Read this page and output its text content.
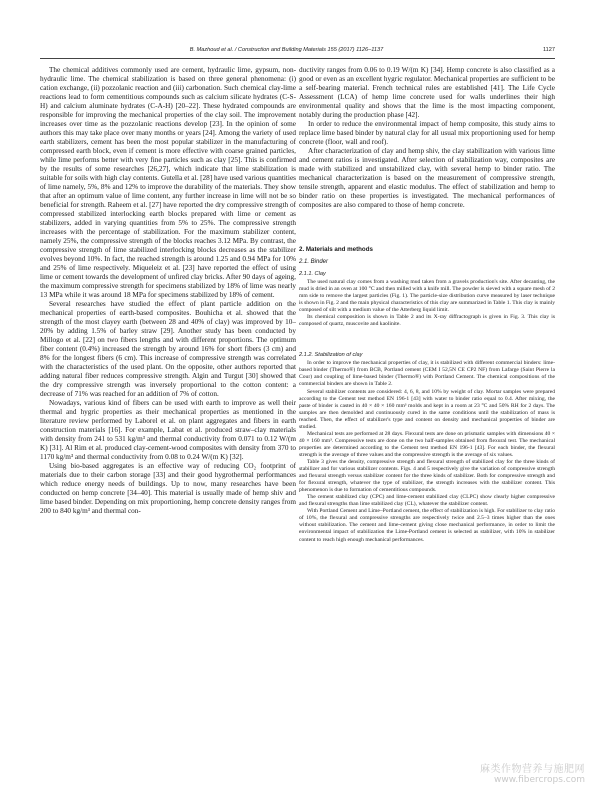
B. Mazhoud et al. / Construction and Building Materials 155 (2017) 1126–1137	1127

The chemical additives commonly used are cement, hydraulic lime, gypsum, non-hydraulic lime. The chemical stabilization is based on three general phenomena: (i) cation exchange, (ii) pozzolanic reaction and (iii) carbonation. Such chemical clay-lime reactions lead to form cementitious compounds such as calcium silicate hydrates (C-S-H) and calcium aluminate hydrates (C-A-H) [20–22]. These hydrated compounds are responsible for improving the mechanical properties of the clay soil. The improvement increases over time as the pozzolanic reactions develop [23]. In the opinion of some authors this may take place over many months or years [24]. Among the variety of used earth stabilizers, cement has been the most popular stabilizer in the manufacturing of compressed earth block, even if cement is more effective with coarse grained particles, while lime performs better with very fine particles such as clay [25]. This is confirmed by the results of some researches [26,27], which indicate that lime stabilization is suitable for soils with high clay contents. Gutella et al. [28] have used various quantities of lime namely, 5%, 8% and 12% to improve the durability of the materials. They show that after an optimum value of lime content, any further increase in lime will not be so beneficial for strength. Raheem et al. [27] have reported the dry compressive strength of compressed stabilized interlocking earth blocks prepared with lime or cement as stabilizers, added in varying quantities from 5% to 25%. The compressive strength increases with the percentage of stabilization. For the maximum stabilizer content, namely 25%, the compressive strength of the blocks reaches 3.12 MPa. By contrast, the compressive strength of lime stabilized interlocking blocks decreases as the stabilizer evolves beyond 10%. In fact, the reached strength is around 1.25 and 0.94 MPa for 10% and 25% of lime respectively. Miqueleiz et al. [23] have reported the effect of using lime or cement towards the development of unfired clay bricks. After 90 days of ageing, the maximum compressive strength for specimens stabilized by 18% of lime was nearly 13 MPa while it was around 18 MPa for specimens stabilized by 18% of cement.

Several researches have studied the effect of plant particle addition on the mechanical properties of earth-based composites. Bouhicha et al. showed that the strength of the most clayey earth (between 28 and 40% of clay) was improved by 10–20% by adding 1.5% of barley straw [29]. Another study has been conducted by Millogo et al. [22] on two fibers lengths and with different proportions. The optimum fiber content (0.4%) increased the strength by around 16% for short fibers (3 cm) and 8% for the longest fibers (6 cm). This increase of compressive strength was correlated with the characteristics of the used plant. On the opposite, other authors reported that adding natural fiber reduces compressive strength. Algin and Turgut [30] showed that the dry compressive strength was inversely proportional to the cotton content: a decrease of 71% was reached for an addition of 7% of cotton.

Nowadays, various kind of fibers can be used with earth to improve as well their thermal and hygric properties as their mechanical properties as mentioned in the literature review performed by Laborel et al. on plant aggregates and fibers in earth construction materials [16]. For example, Labat et al. produced straw–clay materials with density from 241 to 531 kg/m³ and thermal conductivity from 0.071 to 0.12 W/(m K) [31]. Al Rim et al. produced clay-cement-wood composites with density from 370 to 1170 kg/m³ and thermal conductivity from 0.08 to 0.24 W/(m K) [32].

Using bio-based aggregates is an effective way of reducing CO₂ footprint of materials due to their carbon storage [33] and their good hygrothermal performances which reduce energy needs of buildings. Up to now, many researches have been conducted on hemp concrete [34–40]. This material is usually made of hemp shiv and lime based binder. Depending on mix proportioning, hemp concrete density ranges from 200 to 840 kg/m³ and thermal con-

ductivity ranges from 0.06 to 0.19 W/(m K) [34]. Hemp concrete is also classified as a good or even as an excellent hygric regulator. Mechanical properties are sufficient to be a self-bearing material. French technical rules are established [41]. The Life Cycle Assessment (LCA) of hemp lime concrete used for walls underlines their high environmental quality and shows that the lime is the most impacting component, notably during the production phase [42].

In order to reduce the environmental impact of hemp composite, this study aims to replace lime based binder by natural clay for all usual mix proportioning used for hemp concrete (floor, wall and roof).

After characterization of clay and hemp shiv, the clay stabilization with various lime and cement ratios is investigated. After selection of stabilization way, composites are made with stabilized and unstabilized clay, with several hemp to binder ratio. The mechanical characterization is based on the measurement of compressive strength, tensile strength, apparent and elastic modulus. The effect of stabilization and hemp to binder ratio on these properties is investigated. The mechanical performances of composites are also compared to those of hemp concrete.

2. Materials and methods
2.1. Binder
2.1.1. Clay

The used natural clay comes from a washing mud taken from a gravels production's site. After decanting, the mud is dried in an oven at 100 °C and then milled with a knife mill. The powder is sieved with a square mesh of 2 mm side to remove the largest particles (Fig. 1). The particle-size distribution curve measured by laser technique is shown in Fig. 2 and the main physical characteristics of this clay are summarized in Table 1. This clay is mainly composed of silt with a medium value of the Atterberg liquid limit.

Its chemical composition is shown in Table 2 and its X-ray diffractograph is given in Fig. 3. This clay is composed of quartz, muscovite and kaolinite.

2.1.2. Stabilization of clay

In order to improve the mechanical properties of clay, it is stabilized with different commercial binders: lime-based binder (Thermo®) from BCB, Portland cement (CEM I 52,5N CE CP2 NF) from Lafarge (Saint Pierre la Cour) and coupling of lime-based binder (Thermo®) with Portland Cement. The chemical compositions of the commercial binders are shown in Table 2.

Several stabilizer contents are considered: 4, 6, 8, and 10% by weight of clay. Mortar samples were prepared according to the Cement test method EN 196-1 [43] with water to binder ratio equal to 0.4. After mixing, the paste of binder is casted in 40 × 40 × 160 mm³ molds and kept in a room at 23 °C and 50% RH for 2 days. The samples are then demolded and continuously cured in the same conditions until the stabilization of mass is reached. Then, the effect of stabilizer's type and content on density and mechanical properties of binder are studied.

Mechanical tests are performed at 28 days. Flexural tests are done on prismatic samples with dimensions 40 × 40 × 160 mm³. Compressive tests are done on the two half-samples obtained from flexural test. The mechanical properties are determined according to the Cement test method EN 196-1 [43]. For each binder, the flexural strength is the average of three values and the compressive strength is the average of six values.

Table 3 gives the density, compressive strength and flexural strength of stabilized clay for the three kinds of stabilizer and for various stabilizer contents. Figs. 4 and 5 respectively give the variation of compressive strength and flexural strength versus stabilizer content for the three kinds of stabilizer. Both for compressive strength and for flexural strength, whatever the type of stabilizer, the strength increases with the stabilizer content. This phenomenon is due to formation of cementitious compounds.

The cement stabilized clay (CPC) and lime-cement stabilized clay (CLPC) show clearly higher compressive and flexural strengths than lime stabilized clay (CL), whatever the stabilizer content.

With Portland Cement and Lime–Portland cement, the effect of stabilization is high. For stabilizer to clay ratio of 10%, the flexural and compressive strengths are respectively twice and 2.5–3 times higher than the ones without stabilization. The cement and lime-cement giving close mechanical performance, in order to limit the environmental impact of stabilization the Lime-Portland cement is selected as stabilizer, with 10% in stabilizer content to reach high enough mechanical performances.

麻类作物营养与施肥网
www.fibercrops.com
